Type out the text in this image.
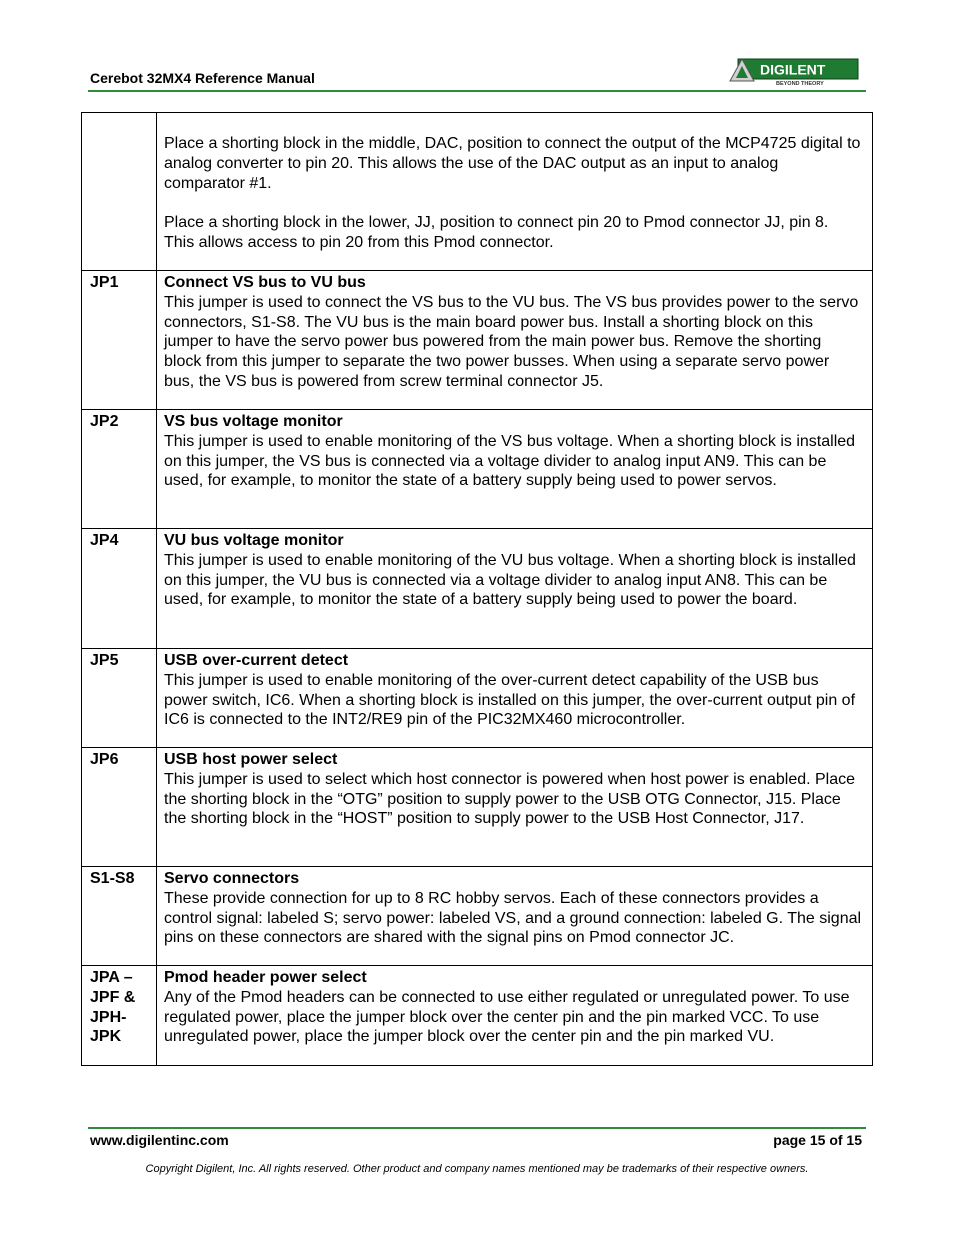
Cerebot 32MX4 Reference Manual
DIGILENT
BEYOND THEORY

	Place a shorting block in the middle, DAC, position to connect the output of the MCP4725 digital to analog converter to pin 20. This allows the use of the DAC output as an input to analog comparator #1.
Place a shorting block in the lower, JJ, position to connect pin 20 to Pmod connector JJ, pin 8. This allows access to pin 20 from this Pmod connector.

JP1	Connect VS bus to VU bus
This jumper is used to connect the VS bus to the VU bus. The VS bus provides power to the servo connectors, S1-S8. The VU bus is the main board power bus. Install a shorting block on this jumper to have the servo power bus powered from the main power bus. Remove the shorting block from this jumper to separate the two power busses. When using a separate servo power bus, the VS bus is powered from screw terminal connector J5.

JP2	VS bus voltage monitor
This jumper is used to enable monitoring of the VS bus voltage. When a shorting block is installed on this jumper, the VS bus is connected via a voltage divider to analog input AN9. This can be used, for example, to monitor the state of a battery supply being used to power servos.

JP4	VU bus voltage monitor
This jumper is used to enable monitoring of the VU bus voltage. When a shorting block is installed on this jumper, the VU bus is connected via a voltage divider to analog input AN8. This can be used, for example, to monitor the state of a battery supply being used to power the board.

JP5	USB over-current detect
This jumper is used to enable monitoring of the over-current detect capability of the USB bus power switch, IC6. When a shorting block is installed on this jumper, the over-current output pin of IC6 is connected to the INT2/RE9 pin of the PIC32MX460 microcontroller.

JP6	USB host power select
This jumper is used to select which host connector is powered when host power is enabled. Place the shorting block in the “OTG” position to supply power to the USB OTG Connector, J15. Place the shorting block in the “HOST” position to supply power to the USB Host Connector, J17.

S1-S8	Servo connectors
These provide connection for up to 8 RC hobby servos. Each of these connectors provides a control signal: labeled S; servo power: labeled VS, and a ground connection: labeled G. The signal pins on these connectors are shared with the signal pins on Pmod connector JC.

JPA – JPF & JPH- JPK	Pmod header power select
Any of the Pmod headers can be connected to use either regulated or unregulated power. To use regulated power, place the jumper block over the center pin and the pin marked VCC. To use unregulated power, place the jumper block over the center pin and the pin marked VU.
www.digilentinc.com	page 15 of 15
Copyright Digilent, Inc. All rights reserved. Other product and company names mentioned may be trademarks of their respective owners.
